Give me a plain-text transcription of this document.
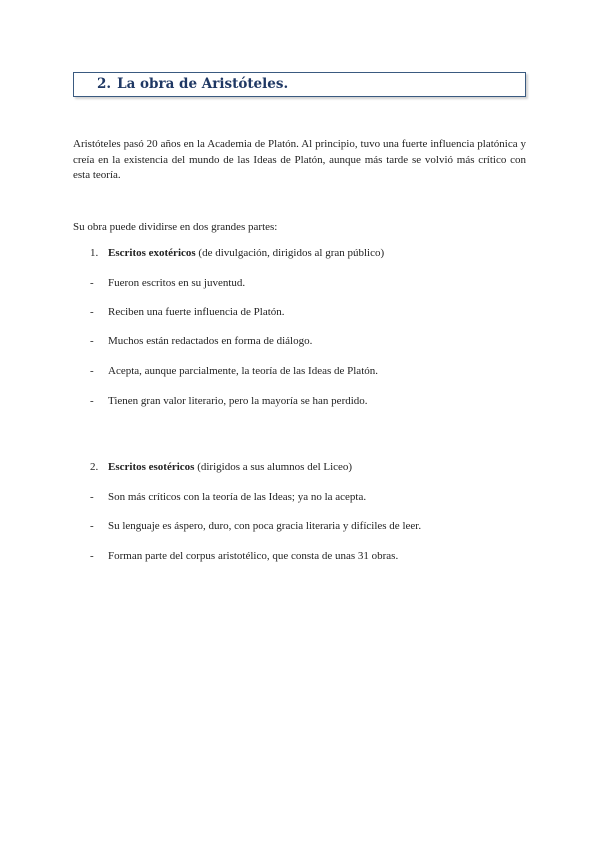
2. La obra de Aristóteles.

Aristóteles pasó 20 años en la Academia de Platón. Al principio, tuvo una fuerte influencia platónica y creía en la existencia del mundo de las Ideas de Platón, aunque más tarde se volvió más crítico con esta teoría.

Su obra puede dividirse en dos grandes partes:

1. Escritos exotéricos (de divulgación, dirigidos al gran público)
- Fueron escritos en su juventud.
- Reciben una fuerte influencia de Platón.
- Muchos están redactados en forma de diálogo.
- Acepta, aunque parcialmente, la teoría de las Ideas de Platón.
- Tienen gran valor literario, pero la mayoría se han perdido.
2. Escritos esotéricos (dirigidos a sus alumnos del Liceo)
- Son más críticos con la teoría de las Ideas; ya no la acepta.
- Su lenguaje es áspero, duro, con poca gracia literaria y difíciles de leer.
- Forman parte del corpus aristotélico, que consta de unas 31 obras.
